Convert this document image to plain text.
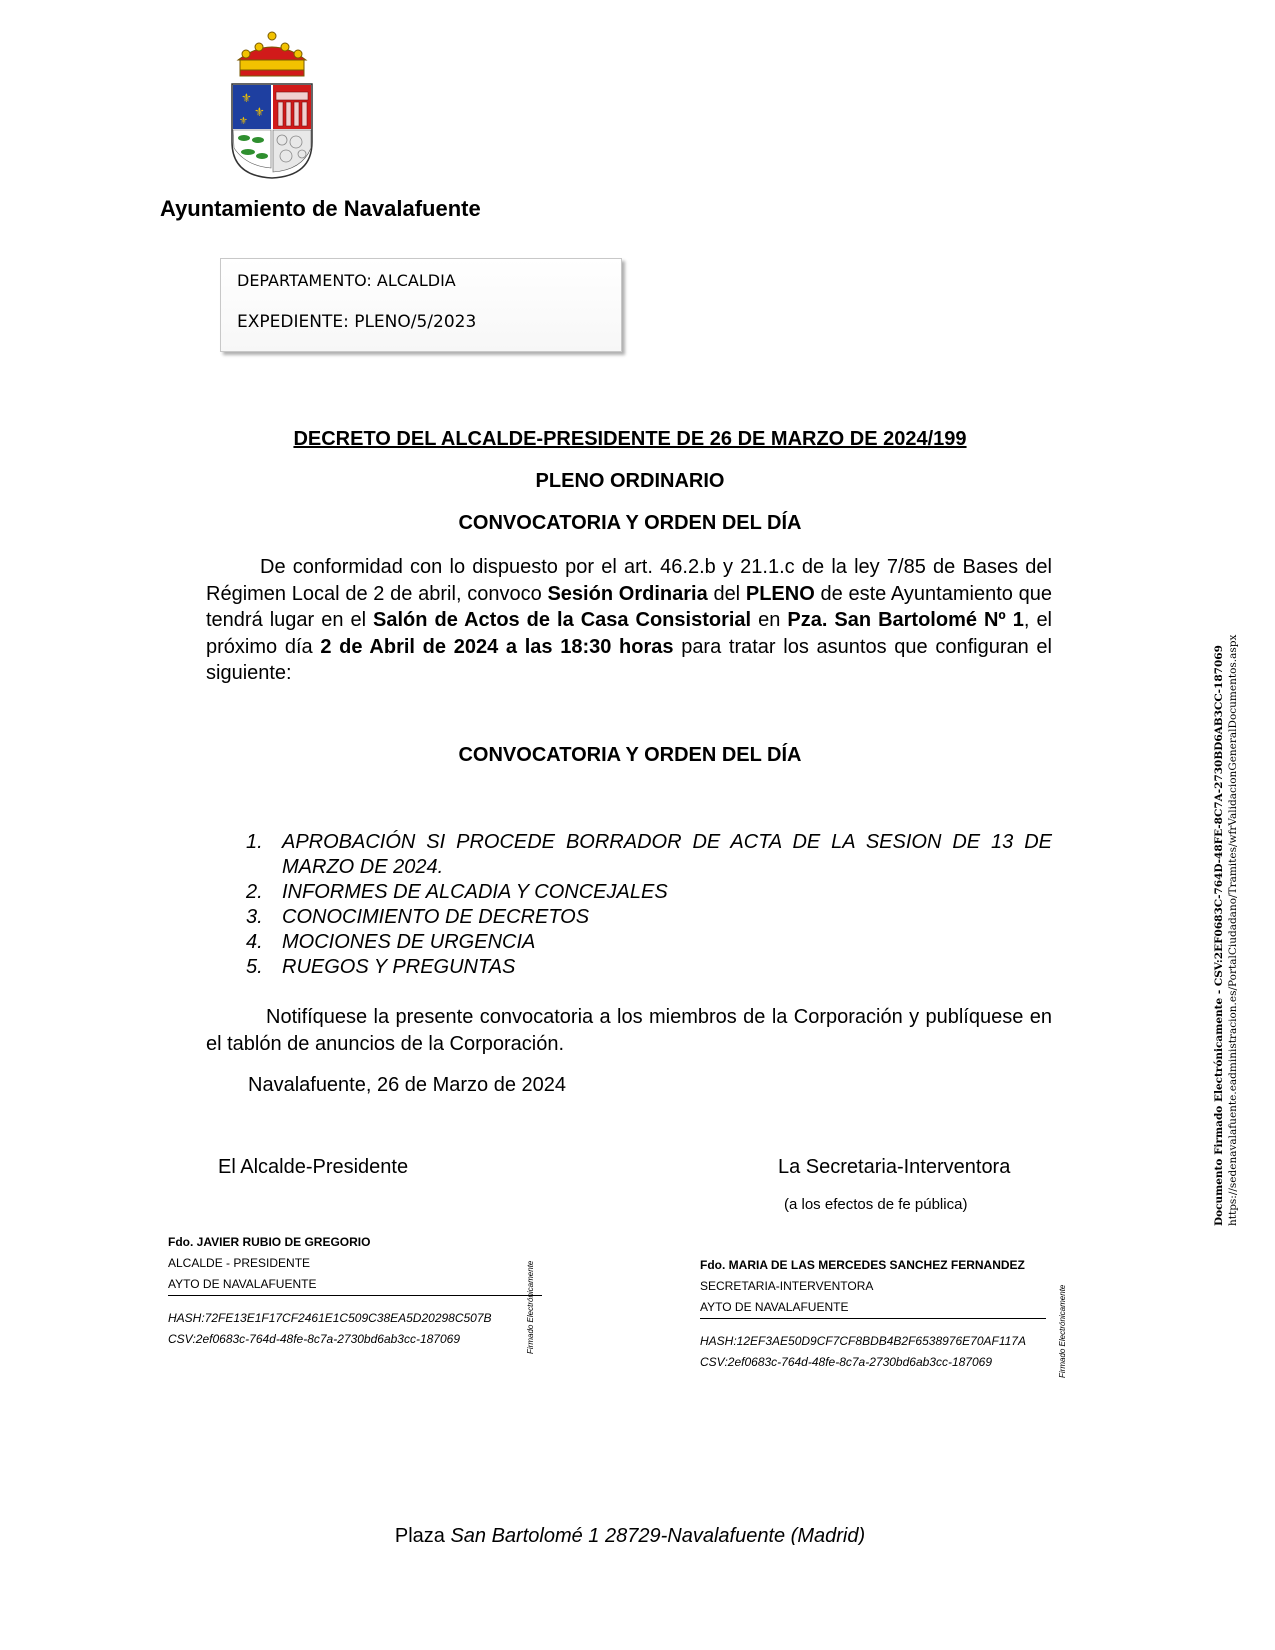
⚜
⚜
⚜
Ayuntamiento de Navalafuente
DEPARTAMENTO: ALCALDIA
EXPEDIENTE: PLENO/5/2023
DECRETO DEL ALCALDE-PRESIDENTE DE 26 DE MARZO DE 2024/199
PLENO ORDINARIO
CONVOCATORIA Y ORDEN DEL DÍA
De conformidad con lo dispuesto por el art. 46.2.b y 21.1.c de la ley 7/85 de Bases del Régimen Local de 2 de abril, convoco Sesión Ordinaria del PLENO de este Ayuntamiento que tendrá lugar en el Salón de Actos de la Casa Consistorial en Pza. San Bartolomé Nº 1, el próximo día 2 de Abril de 2024 a las 18:30 horas para tratar los asuntos que configuran el siguiente:
CONVOCATORIA Y ORDEN DEL DÍA
1. APROBACIÓN SI PROCEDE BORRADOR DE ACTA DE LA SESION DE 13 DE MARZO DE 2024.
2. INFORMES DE ALCADIA Y CONCEJALES
3. CONOCIMIENTO DE DECRETOS
4. MOCIONES DE URGENCIA
5. RUEGOS Y PREGUNTAS
Notifíquese la presente convocatoria a los miembros de la Corporación y publíquese en el tablón de anuncios de la Corporación.
Navalafuente, 26 de Marzo de 2024
El Alcalde-Presidente	La Secretaria-Interventora
(a los efectos de fe pública)
Fdo. JAVIER RUBIO DE GREGORIO
ALCALDE - PRESIDENTE
AYTO DE NAVALAFUENTE
HASH:72FE13E1F17CF2461E1C509C38EA5D20298C507B
CSV:2ef0683c-764d-48fe-8c7a-2730bd6ab3cc-187069	Firmado Electrónicamente	Fdo. MARIA DE LAS MERCEDES SANCHEZ FERNANDEZ
SECRETARIA-INTERVENTORA
AYTO DE NAVALAFUENTE
HASH:12EF3AE50D9CF7CF8BDB4B2F6538976E70AF117A
CSV:2ef0683c-764d-48fe-8c7a-2730bd6ab3cc-187069	Firmado Electrónicamente
Documento Firmado Electrónicamente - CSV:2EF0683C-764D-48FE-8C7A-2730BD6AB3CC-187069 https://sedenavalafuente.eadministracion.es/PortalCiudadano/Tramites/wfrValidacionGeneralDocumentos.aspx
Plaza San Bartolomé 1 28729-Navalafuente (Madrid)
